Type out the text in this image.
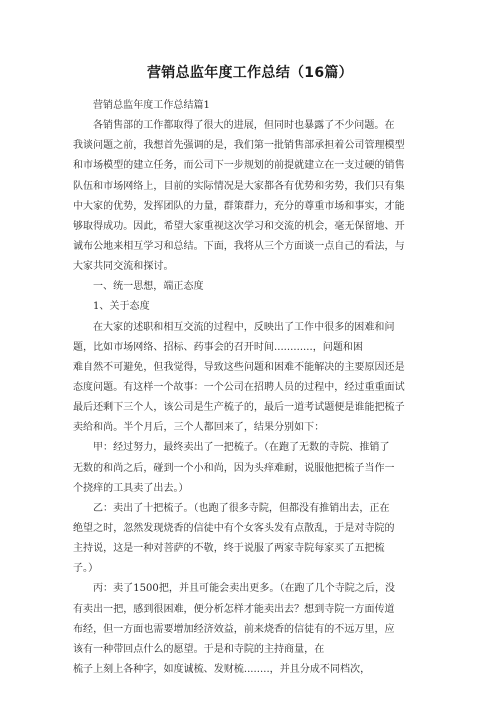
营销总监年度工作总结（16篇）
营销总监年度工作总结篇1
各销售部的工作都取得了很大的进展，但同时也暴露了不少问题。在
我谈问题之前，我想首先强调的是，我们第一批销售部承担着公司管理模型
和市场模型的建立任务，而公司下一步规划的前提就建立在一支过硬的销售
队伍和市场网络上，目前的实际情况是大家都各有优势和劣势，我们只有集
中大家的优势，发挥团队的力量，群策群力，充分的尊重市场和事实，才能
够取得成功。因此，希望大家重视这次学习和交流的机会，毫无保留地、开
诚布公地来相互学习和总结。下面，我将从三个方面谈一点自己的看法，与
大家共同交流和探讨。
一、统一思想，端正态度
1、关于态度
在大家的述职和相互交流的过程中，反映出了工作中很多的困难和问
题，比如市场网络、招标、药事会的召开时间............，问题和困
难自然不可避免，但我觉得，导致这些问题和困难不能解决的主要原因还是
态度问题。有这样一个故事：一个公司在招聘人员的过程中，经过重重面试
最后还剩下三个人，该公司是生产梳子的，最后一道考试题便是谁能把梳子
卖给和尚。半个月后，三个人都回来了，结果分别如下：
甲：经过努力，最终卖出了一把梳子。（在跑了无数的寺院、推销了
无数的和尚之后，碰到一个小和尚，因为头痒难耐，说服他把梳子当作一
个挠痒的工具卖了出去。）
乙：卖出了十把梳子。（也跑了很多寺院，但都没有推销出去，正在
绝望之时，忽然发现烧香的信徒中有个女客头发有点散乱，于是对寺院的
主持说，这是一种对菩萨的不敬，终于说服了两家寺院每家买了五把梳
子。）
丙：卖了1500把，并且可能会卖出更多。（在跑了几个寺院之后，没
有卖出一把，感到很困难，便分析怎样才能卖出去？想到寺院一方面传道
布经，但一方面也需要增加经济效益，前来烧香的信徒有的不远万里，应
该有一种带回点什么的愿望。于是和寺院的主持商量，在
梳子上刻上各种字，如度诚梳、发财梳........，并且分成不同档次，
